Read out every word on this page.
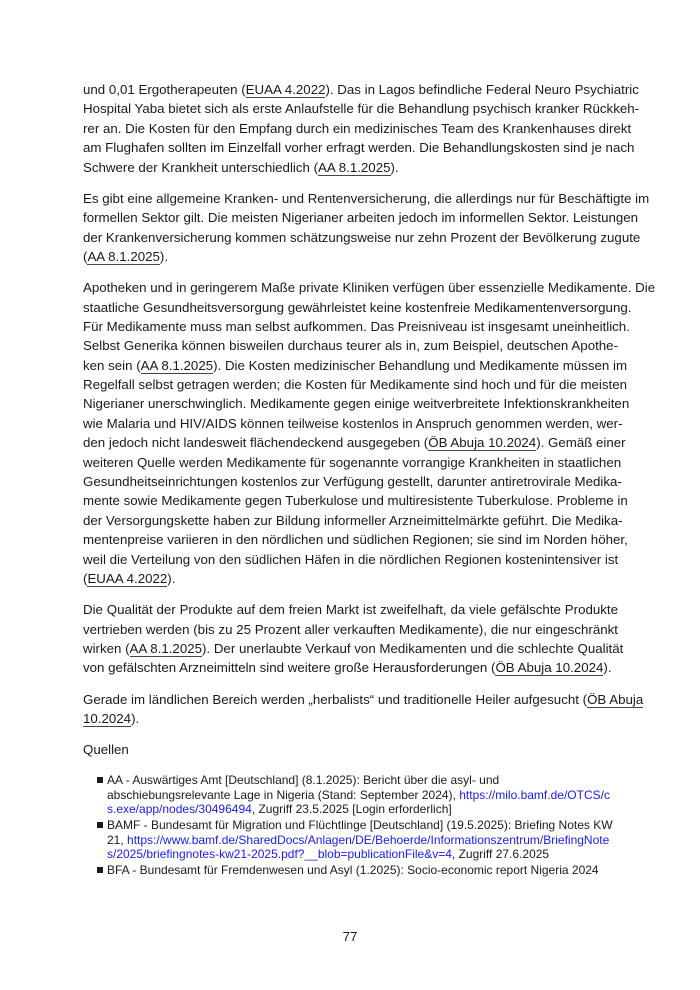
und 0,01 Ergotherapeuten (EUAA 4.2022). Das in Lagos befindliche Federal Neuro Psychiatric
Hospital Yaba bietet sich als erste Anlaufstelle für die Behandlung psychisch kranker Rückkeh-
rer an. Die Kosten für den Empfang durch ein medizinisches Team des Krankenhauses direkt
am Flughafen sollten im Einzelfall vorher erfragt werden. Die Behandlungskosten sind je nach
Schwere der Krankheit unterschiedlich (AA 8.1.2025).
Es gibt eine allgemeine Kranken- und Rentenversicherung, die allerdings nur für Beschäftigte im
formellen Sektor gilt. Die meisten Nigerianer arbeiten jedoch im informellen Sektor. Leistungen
der Krankenversicherung kommen schätzungsweise nur zehn Prozent der Bevölkerung zugute
(AA 8.1.2025).
Apotheken und in geringerem Maße private Kliniken verfügen über essenzielle Medikamente. Die
staatliche Gesundheitsversorgung gewährleistet keine kostenfreie Medikamentenversorgung.
Für Medikamente muss man selbst aufkommen. Das Preisniveau ist insgesamt uneinheitlich.
Selbst Generika können bisweilen durchaus teurer als in, zum Beispiel, deutschen Apothe-
ken sein (AA 8.1.2025). Die Kosten medizinischer Behandlung und Medikamente müssen im
Regelfall selbst getragen werden; die Kosten für Medikamente sind hoch und für die meisten
Nigerianer unerschwinglich. Medikamente gegen einige weitverbreitete Infektionskrankheiten
wie Malaria und HIV/AIDS können teilweise kostenlos in Anspruch genommen werden, wer-
den jedoch nicht landesweit flächendeckend ausgegeben (ÖB Abuja 10.2024). Gemäß einer
weiteren Quelle werden Medikamente für sogenannte vorrangige Krankheiten in staatlichen
Gesundheitseinrichtungen kostenlos zur Verfügung gestellt, darunter antiretrovirale Medika-
mente sowie Medikamente gegen Tuberkulose und multiresistente Tuberkulose. Probleme in
der Versorgungskette haben zur Bildung informeller Arzneimittelmärkte geführt. Die Medika-
mentenpreise variieren in den nördlichen und südlichen Regionen; sie sind im Norden höher,
weil die Verteilung von den südlichen Häfen in die nördlichen Regionen kostenintensiver ist
(EUAA 4.2022).
Die Qualität der Produkte auf dem freien Markt ist zweifelhaft, da viele gefälschte Produkte
vertrieben werden (bis zu 25 Prozent aller verkauften Medikamente), die nur eingeschränkt
wirken (AA 8.1.2025). Der unerlaubte Verkauf von Medikamenten und die schlechte Qualität
von gefälschten Arzneimitteln sind weitere große Herausforderungen (ÖB Abuja 10.2024).
Gerade im ländlichen Bereich werden „herbalists“ und traditionelle Heiler aufgesucht (ÖB Abuja
10.2024).
Quellen
AA - Auswärtiges Amt [Deutschland] (8.1.2025): Bericht über die asyl- und abschiebungsrelevante Lage in Nigeria (Stand: September 2024), https://milo.bamf.de/OTCS/cs.exe/app/nodes/30496494, Zugriff 23.5.2025 [Login erforderlich]
BAMF - Bundesamt für Migration und Flüchtlinge [Deutschland] (19.5.2025): Briefing Notes KW 21, https://www.bamf.de/SharedDocs/Anlagen/DE/Behoerde/Informationszentrum/BriefingNotes/2025/briefingnotes-kw21-2025.pdf?__blob=publicationFile&v=4, Zugriff 27.6.2025
BFA - Bundesamt für Fremdenwesen und Asyl (1.2025): Socio-economic report Nigeria 2024
77
